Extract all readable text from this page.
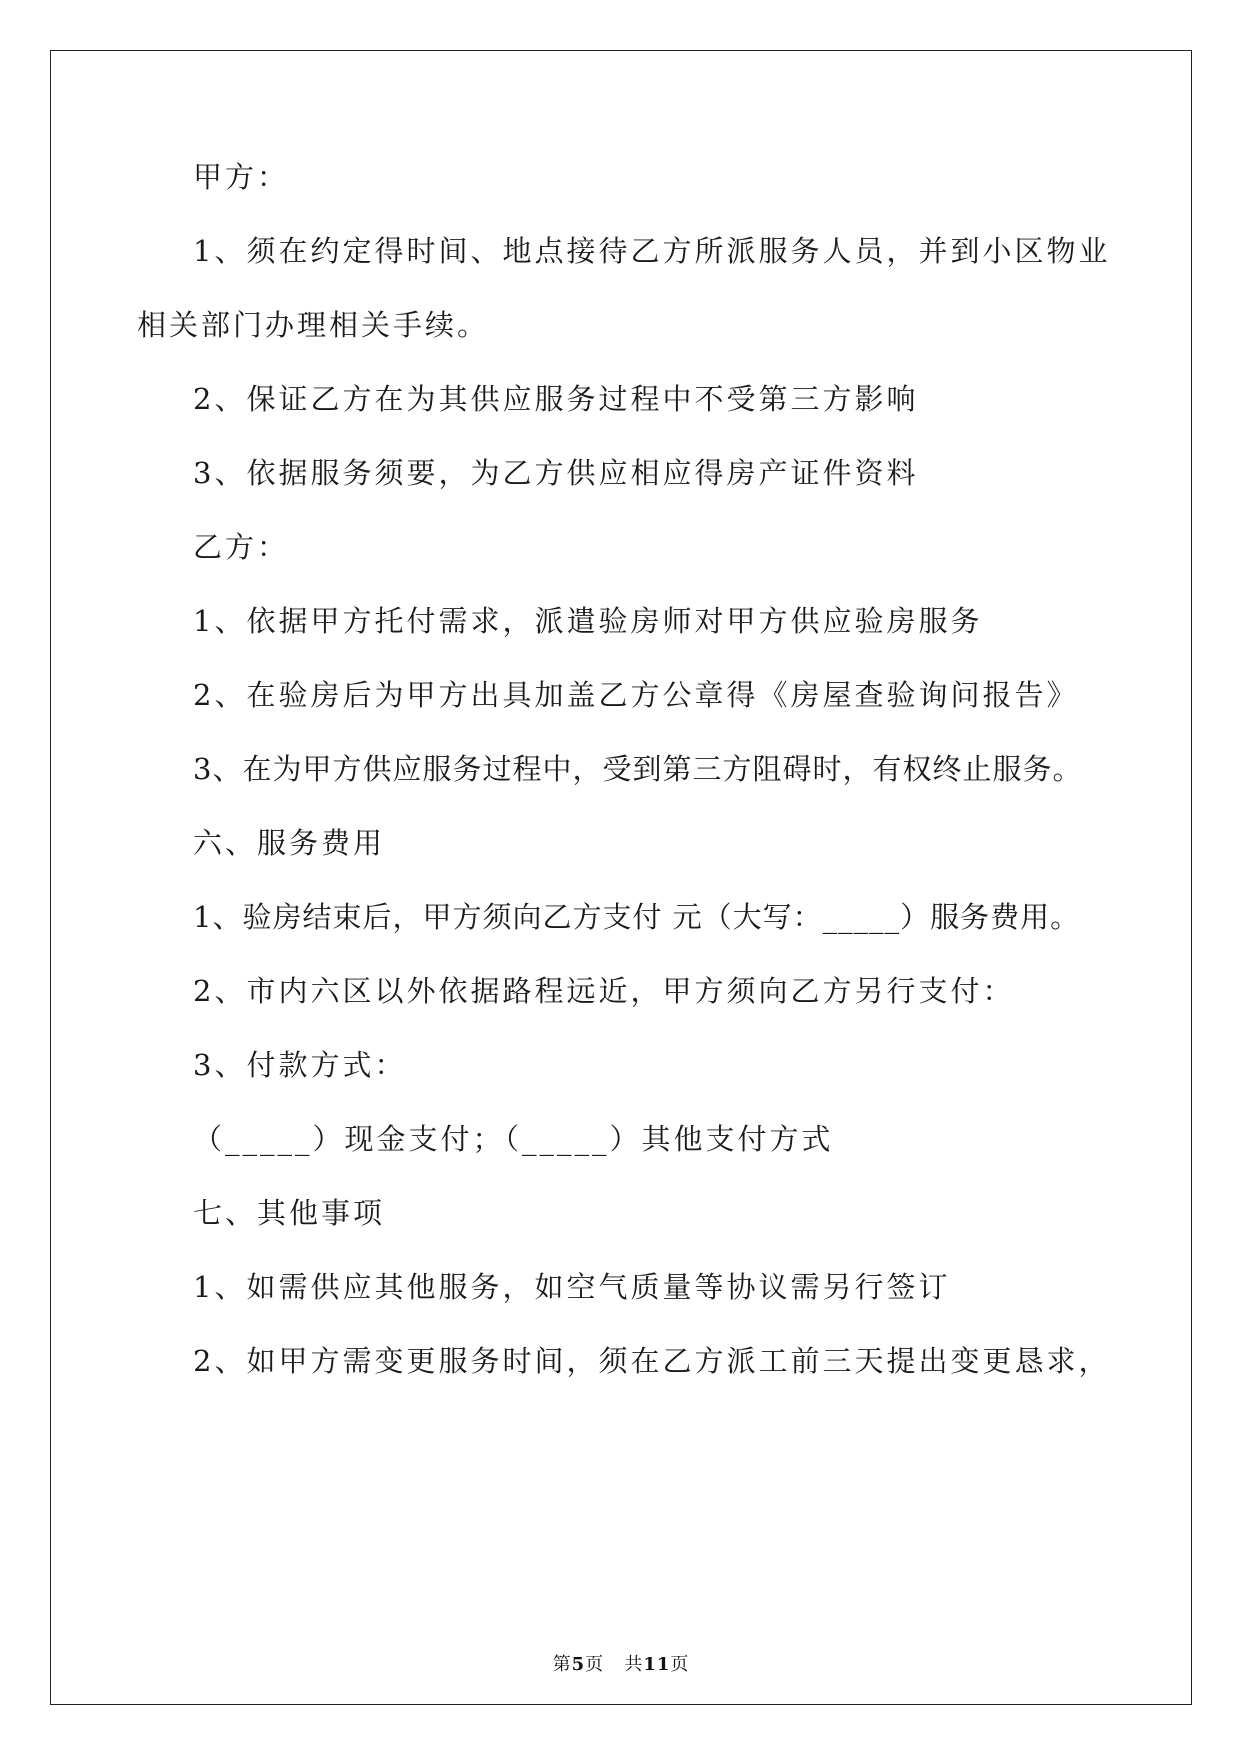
甲方：
1、须在约定得时间、地点接待乙方所派服务人员，并到小区物业
相关部门办理相关手续。
2、保证乙方在为其供应服务过程中不受第三方影响
3、依据服务须要，为乙方供应相应得房产证件资料
乙方：
1、依据甲方托付需求，派遣验房师对甲方供应验房服务
2、在验房后为甲方出具加盖乙方公章得《房屋查验询问报告》
3、在为甲方供应服务过程中，受到第三方阻碍时，有权终止服务。
六、服务费用
1、验房结束后，甲方须向乙方支付 元（大写：_____）服务费用。
2、市内六区以外依据路程远近，甲方须向乙方另行支付：
3、付款方式：
（_____）现金支付；（_____）其他支付方式
七、其他事项
1、如需供应其他服务，如空气质量等协议需另行签订
2、如甲方需变更服务时间，须在乙方派工前三天提出变更恳求，
第5页 共11页
